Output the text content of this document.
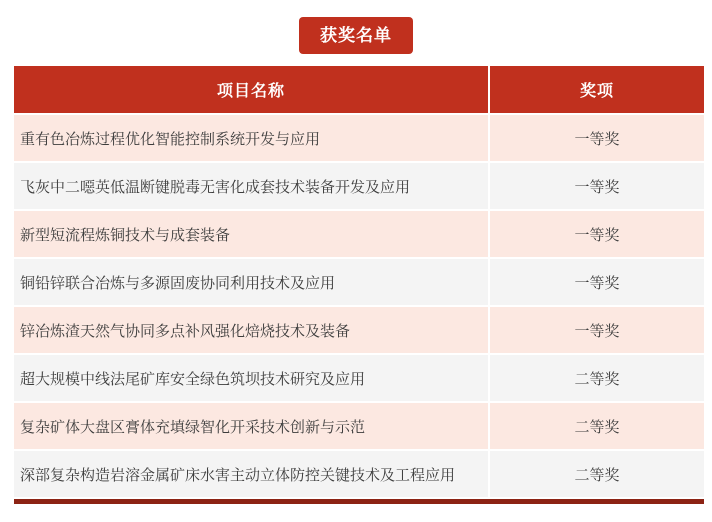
获奖名单
项目名称	奖项
重有色冶炼过程优化智能控制系统开发与应用	一等奖
飞灰中二噁英低温断键脱毒无害化成套技术装备开发及应用	一等奖
新型短流程炼铜技术与成套装备	一等奖
铜铅锌联合冶炼与多源固废协同利用技术及应用	一等奖
锌冶炼渣天然气协同多点补风强化焙烧技术及装备	一等奖
超大规模中线法尾矿库安全绿色筑坝技术研究及应用	二等奖
复杂矿体大盘区膏体充填绿智化开采技术创新与示范	二等奖
深部复杂构造岩溶金属矿床水害主动立体防控关键技术及工程应用	二等奖
